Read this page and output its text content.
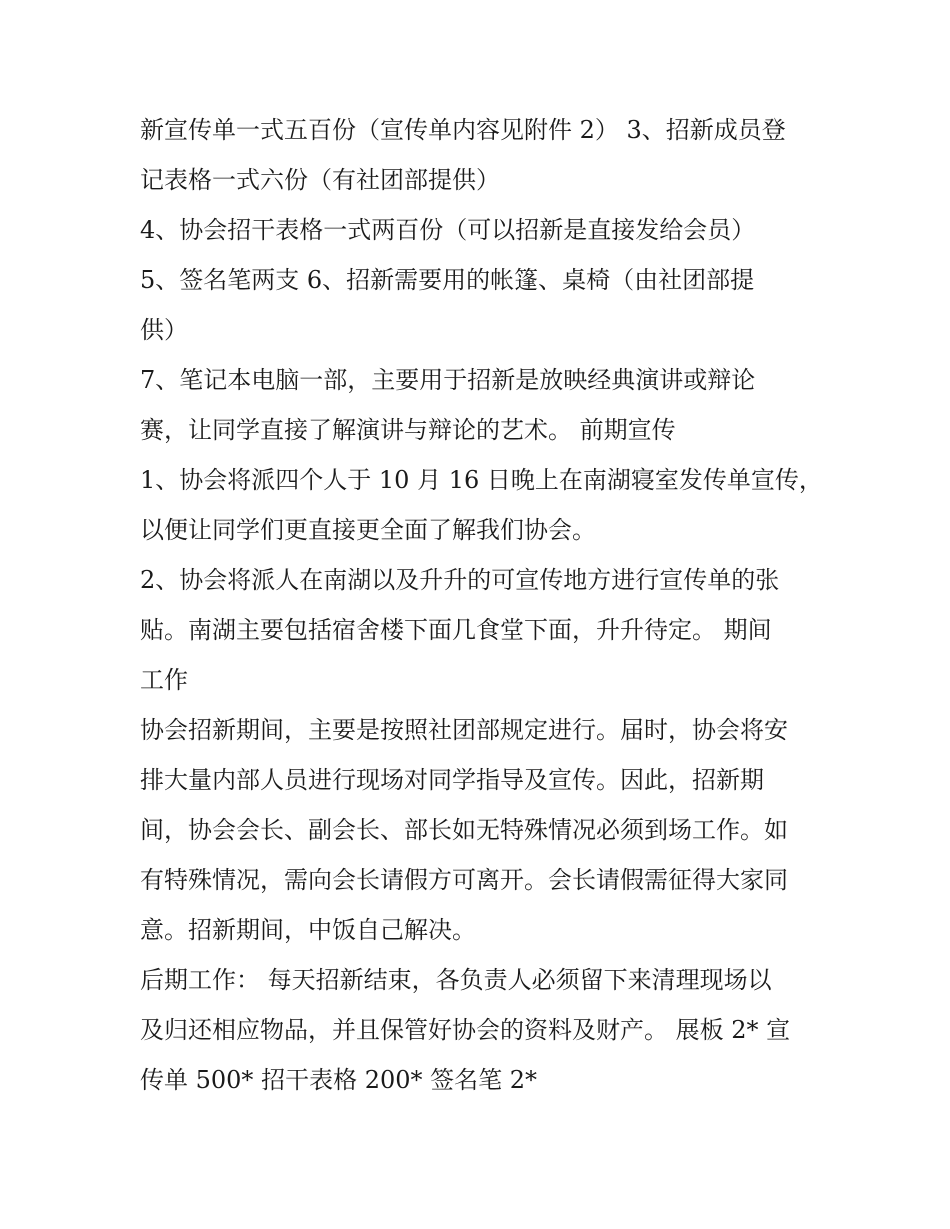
新宣传单一式五百份（宣传单内容见附件 2） 3、招新成员登

记表格一式六份（有社团部提供）

4、协会招干表格一式两百份（可以招新是直接发给会员）

5、签名笔两支 6、招新需要用的帐篷、桌椅（由社团部提

供）

7、笔记本电脑一部，主要用于招新是放映经典演讲或辩论

赛，让同学直接了解演讲与辩论的艺术。 前期宣传

1、协会将派四个人于 10 月 16 日晚上在南湖寝室发传单宣传，

以便让同学们更直接更全面了解我们协会。

2、协会将派人在南湖以及升升的可宣传地方进行宣传单的张

贴。南湖主要包括宿舍楼下面几食堂下面，升升待定。 期间

工作

协会招新期间，主要是按照社团部规定进行。届时，协会将安

排大量内部人员进行现场对同学指导及宣传。因此，招新期

间，协会会长、副会长、部长如无特殊情况必须到场工作。如

有特殊情况，需向会长请假方可离开。会长请假需征得大家同

意。招新期间，中饭自己解决。

后期工作： 每天招新结束，各负责人必须留下来清理现场以

及归还相应物品，并且保管好协会的资料及财产。 展板 2* 宣

传单 500* 招干表格 200* 签名笔 2*
